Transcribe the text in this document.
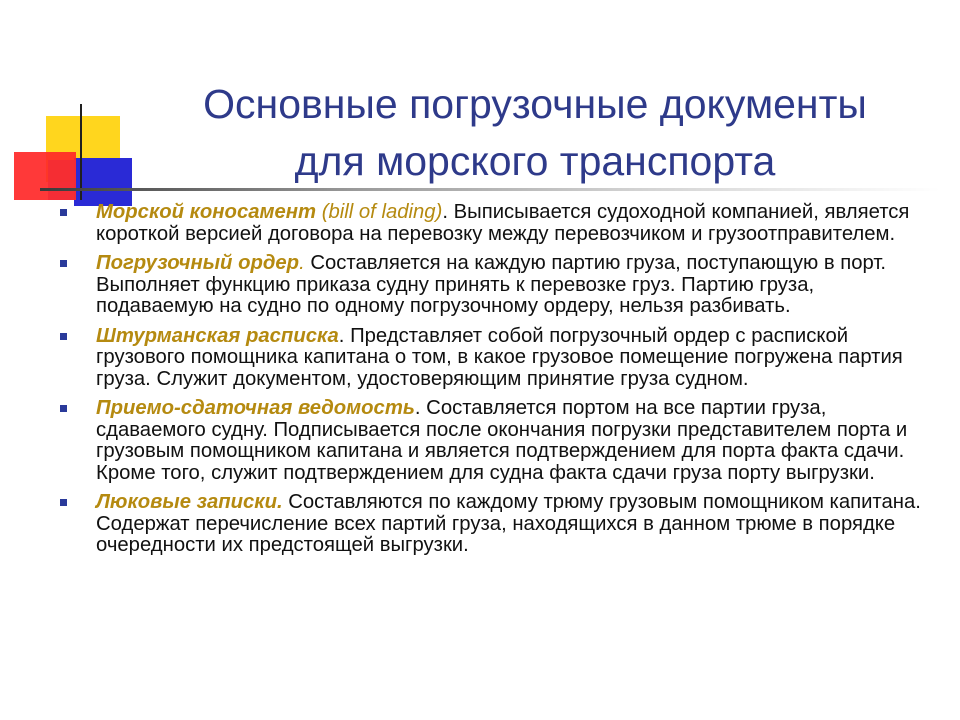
Основные погрузочные документы
для морского транспорта
Морской коносамент (bill of lading). Выписывается судоходной компанией, является короткой версией договора на перевозку между перевозчиком и грузоотправителем.
Погрузочный ордер. Составляется на каждую партию груза, поступающую в порт. Выполняет функцию приказа судну принять к перевозке груз. Партию груза, подаваемую на судно по одному погрузочному ордеру, нельзя разбивать.
Штурманская расписка. Представляет собой погрузочный ордер с распиской грузового помощника капитана о том, в какое грузовое помещение погружена партия груза. Служит документом, удостоверяющим принятие груза судном.
Приемо-сдаточная ведомость. Составляется портом на все партии груза, сдаваемого судну. Подписывается после окончания погрузки представителем порта и грузовым помощником капитана и является подтверждением для порта факта сдачи. Кроме того, служит подтверждением для судна факта сдачи груза порту выгрузки.
Люковые записки. Составляются по каждому трюму грузовым помощником капитана. Содержат перечисление всех партий груза, находящихся в данном трюме в порядке очередности их предстоящей выгрузки.
